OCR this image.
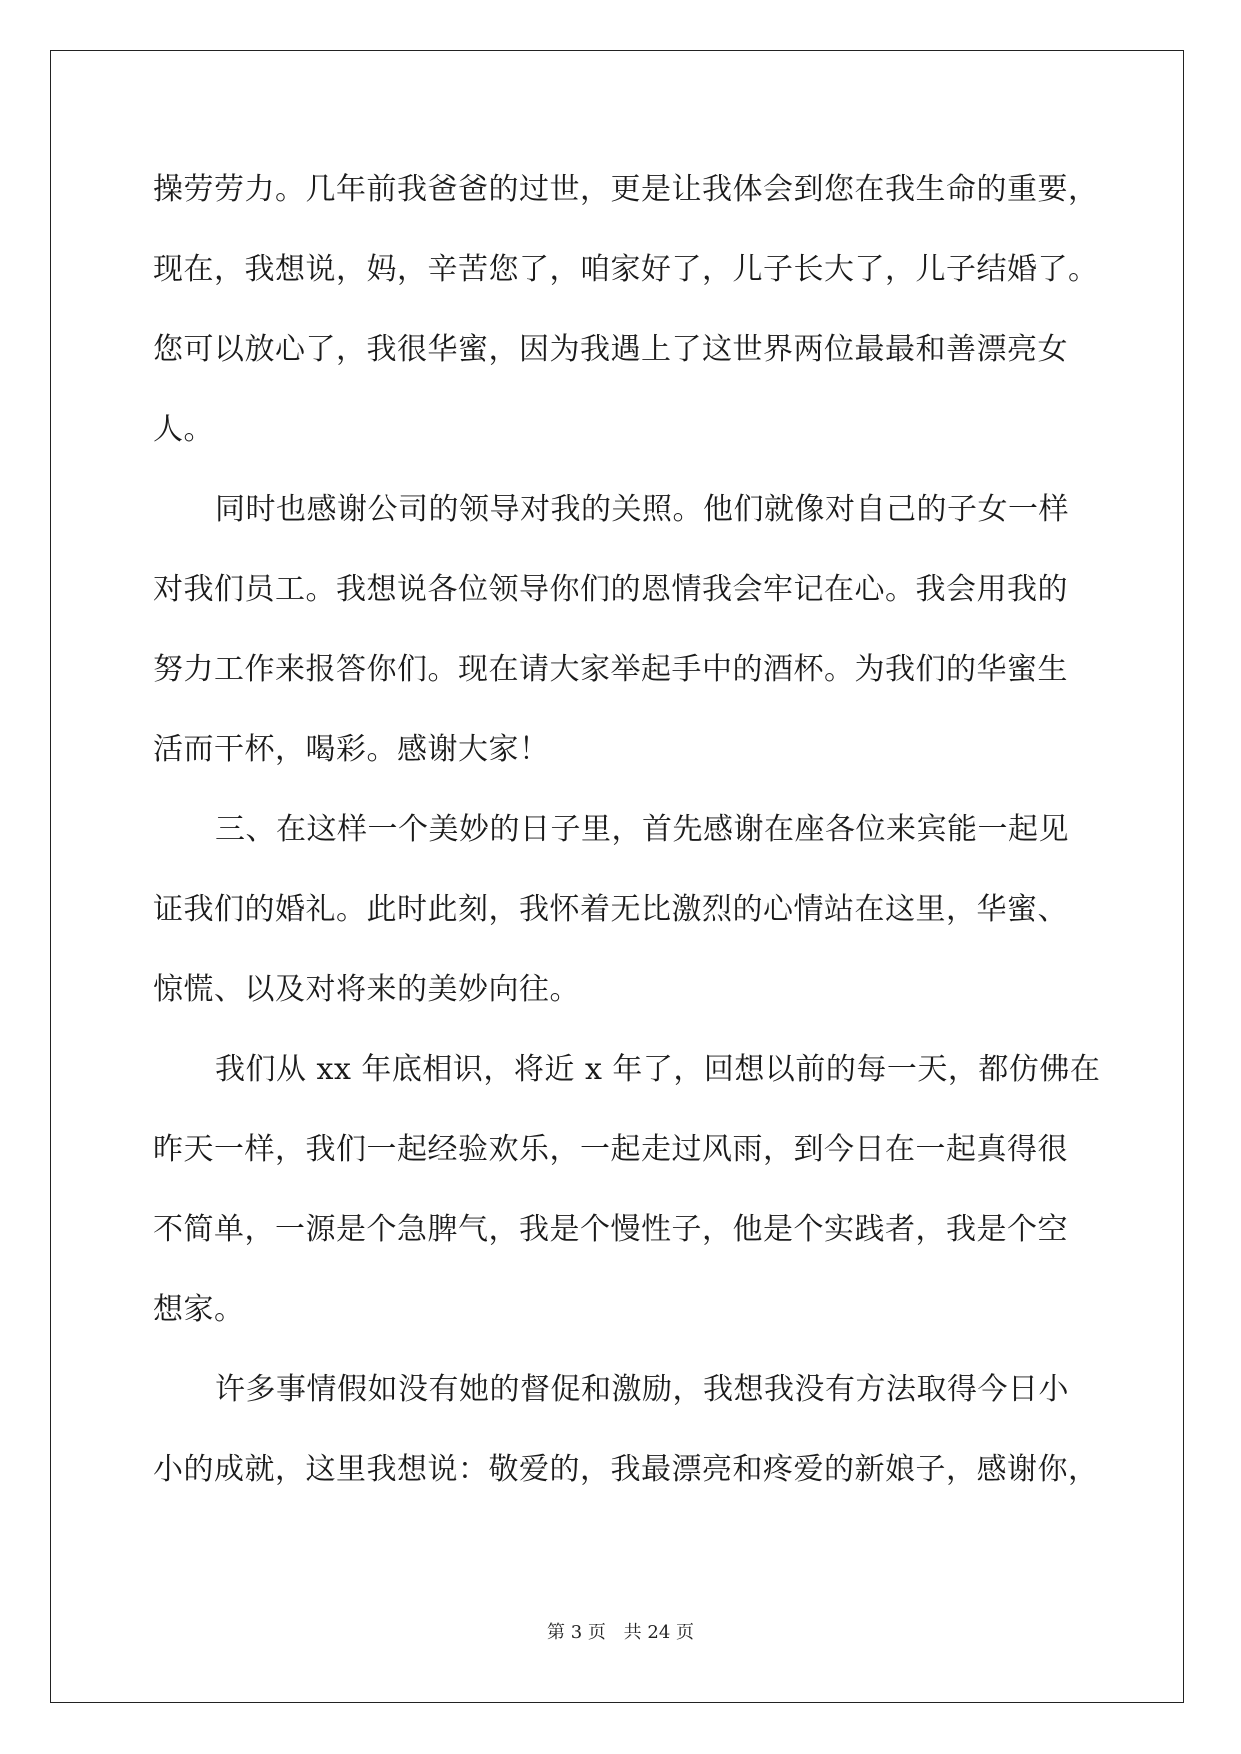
操劳劳力。几年前我爸爸的过世，更是让我体会到您在我生命的重要，
现在，我想说，妈，辛苦您了，咱家好了，儿子长大了，儿子结婚了。
您可以放心了，我很华蜜，因为我遇上了这世界两位最最和善漂亮女
人。
同时也感谢公司的领导对我的关照。他们就像对自己的子女一样
对我们员工。我想说各位领导你们的恩情我会牢记在心。我会用我的
努力工作来报答你们。现在请大家举起手中的酒杯。为我们的华蜜生
活而干杯，喝彩。感谢大家！
三、在这样一个美妙的日子里，首先感谢在座各位来宾能一起见
证我们的婚礼。此时此刻，我怀着无比激烈的心情站在这里，华蜜、
惊慌、以及对将来的美妙向往。
我们从 xx 年底相识，将近 x 年了，回想以前的每一天，都仿佛在
昨天一样，我们一起经验欢乐，一起走过风雨，到今日在一起真得很
不简单，一源是个急脾气，我是个慢性子，他是个实践者，我是个空
想家。
许多事情假如没有她的督促和激励，我想我没有方法取得今日小
小的成就，这里我想说：敬爱的，我最漂亮和疼爱的新娘子，感谢你，
第 3 页 共 24 页
